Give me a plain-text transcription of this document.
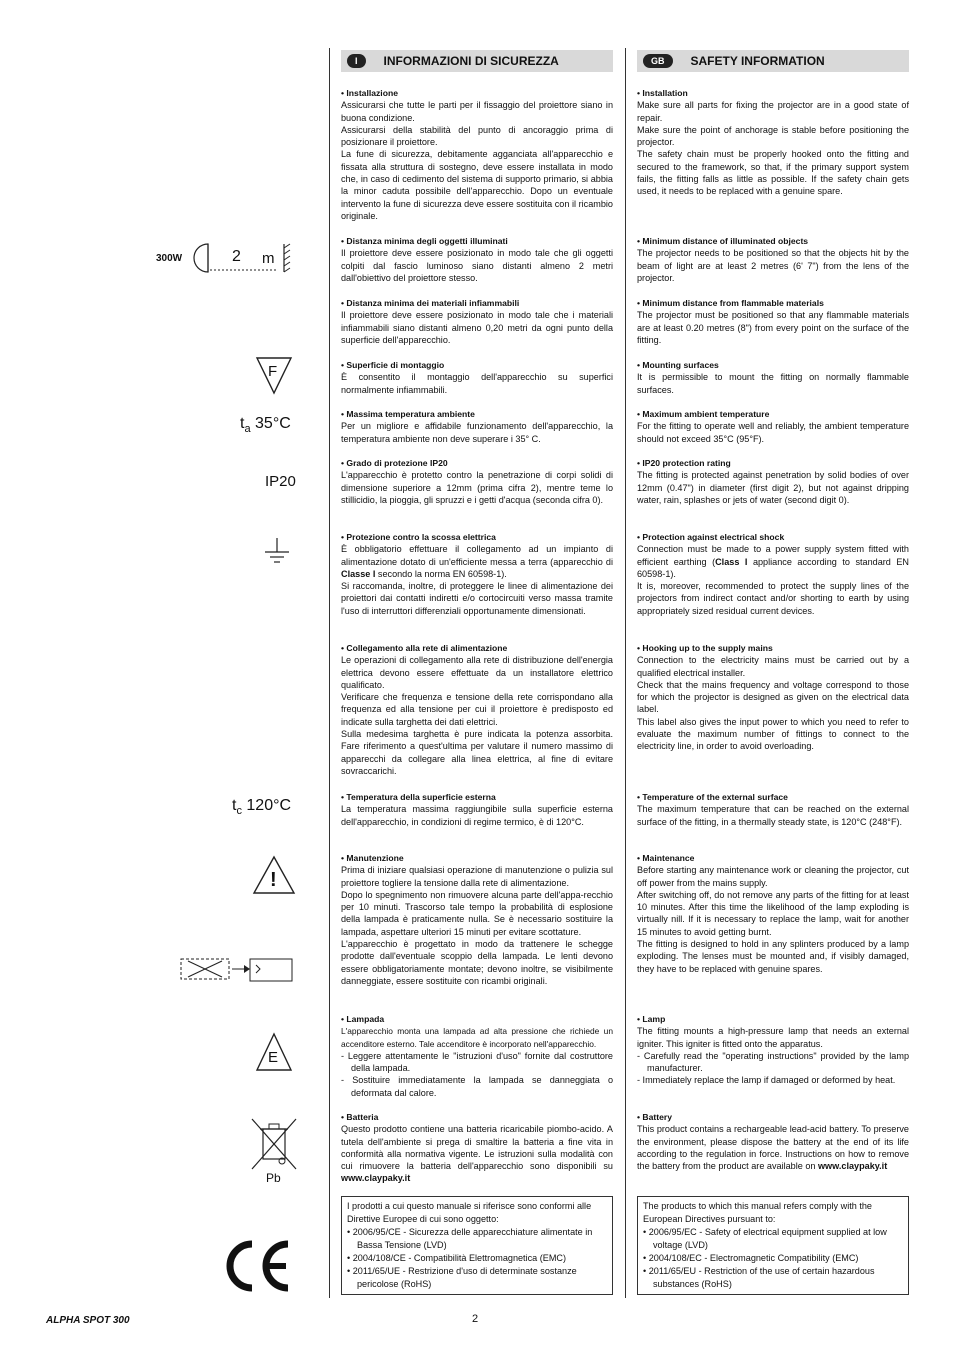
300W	2 m
F
$t_a$ 35°C
IP20
$t_c$ 120°C
!
E
Pb
I	INFORMAZIONI DI SICUREZZA
• Installazione

Assicurarsi che tutte le parti per il fissaggio del proiettore siano in buona condizione.

Assicurarsi della stabilità del punto di ancoraggio prima di posizionare il proiettore.

La fune di sicurezza, debitamente agganciata all'apparecchio e fissata alla struttura di sostegno, deve essere installata in modo che, in caso di cedimento del sistema di supporto primario, si abbia la minor caduta possibile dell'apparecchio. Dopo un eventuale intervento la fune di sicurezza deve essere sostituita con il ricambio originale.

• Distanza minima degli oggetti illuminati

Il proiettore deve essere posizionato in modo tale che gli oggetti colpiti dal fascio luminoso siano distanti almeno 2 metri dall'obiettivo del proiettore stesso.

• Distanza minima dei materiali infiammabili

Il proiettore deve essere posizionato in modo tale che i materiali infiammabili siano distanti almeno 0,20 metri da ogni punto della superficie dell'apparecchio.

• Superficie di montaggio

È consentito il montaggio dell'apparecchio su superfici normalmente infiammabili.

• Massima temperatura ambiente

Per un migliore e affidabile funzionamento dell'apparecchio, la temperatura ambiente non deve superare i 35° C.

• Grado di protezione IP20

L'apparecchio è protetto contro la penetrazione di corpi solidi di dimensione superiore a 12mm (prima cifra 2), mentre teme lo stillicidio, la pioggia, gli spruzzi e i getti d'acqua (seconda cifra 0).

• Protezione contro la scossa elettrica

È obbligatorio effettuare il collegamento ad un impianto di alimentazione dotato di un'efficiente messa a terra (apparecchio di Classe I secondo la norma EN 60598-1).

Si raccomanda, inoltre, di proteggere le linee di alimentazione dei proiettori dai contatti indiretti e/o cortocircuiti verso massa tramite l'uso di interruttori differenziali opportunamente dimensionati.

• Collegamento alla rete di alimentazione

Le operazioni di collegamento alla rete di distribuzione dell'energia elettrica devono essere effettuate da un installatore elettrico qualificato.

Verificare che frequenza e tensione della rete corrispondano alla frequenza ed alla tensione per cui il proiettore è predisposto ed indicate sulla targhetta dei dati elettrici.

Sulla medesima targhetta è pure indicata la potenza assorbita. Fare riferimento a quest'ultima per valutare il numero massimo di apparecchi da collegare alla linea elettrica, al fine di evitare sovraccarichi.

• Temperatura della superficie esterna

La temperatura massima raggiungibile sulla superficie esterna dell'apparecchio, in condizioni di regime termico, è di 120°C.

• Manutenzione

Prima di iniziare qualsiasi operazione di manutenzione o pulizia sul proiettore togliere la tensione dalla rete di alimentazione.

Dopo lo spegnimento non rimuovere alcuna parte dell'appa-recchio per 10 minuti. Trascorso tale tempo la probabilità di esplosione della lampada è praticamente nulla. Se è necessario sostituire la lampada, aspettare ulteriori 15 minuti per evitare scottature.

L'apparecchio è progettato in modo da trattenere le schegge prodotte dall'eventuale scoppio della lampada. Le lenti devono essere obbligatoriamente montate; devono inoltre, se visibilmente danneggiate, essere sostituite con ricambi originali.

• Lampada

L'apparecchio monta una lampada ad alta pressione che richiede un accenditore esterno. Tale accenditore è incorporato nell'apparecchio.

- Leggere attentamente le "istruzioni d'uso" fornite dal costruttore della lampada.
- Sostituire immediatamente la lampada se danneggiata o deformata dal calore.
• Batteria

Questo prodotto contiene una batteria ricaricabile piombo-acido. A tutela dell'ambiente si prega di smaltire la batteria a fine vita in conformità alla normativa vigente. Le istruzioni sulla modalità con cui rimuovere la batteria dell'apparecchio sono disponibili su www.claypaky.it

I prodotti a cui questo manuale si riferisce sono conformi alle Direttive Europee di cui sono oggetto:
• 2006/95/CE - Sicurezza delle apparecchiature alimentate in Bassa Tensione (LVD)
• 2004/108/CE - Compatibilità Elettromagnetica (EMC)
• 2011/65/UE - Restrizione d'uso di determinate sostanze pericolose (RoHS)
GB	SAFETY INFORMATION
• Installation

Make sure all parts for fixing the projector are in a good state of repair.

Make sure the point of anchorage is stable before positioning the projector.

The safety chain must be properly hooked onto the fitting and secured to the framework, so that, if the primary support system fails, the fitting falls as little as possible. If the safety chain gets used, it needs to be replaced with a genuine spare.

• Minimum distance of illuminated objects

The projector needs to be positioned so that the objects hit by the beam of light are at least 2 metres (6' 7") from the lens of the projector.

• Minimum distance from flammable materials

The projector must be positioned so that any flammable materials are at least 0.20 metres (8") from every point on the surface of the fitting.

• Mounting surfaces

It is permissible to mount the fitting on normally flammable surfaces.

• Maximum ambient temperature

For the fitting to operate well and reliably, the ambient temperature should not exceed 35°C (95°F).

• IP20 protection rating

The fitting is protected against penetration by solid bodies of over 12mm (0.47") in diameter (first digit 2), but not against dripping water, rain, splashes or jets of water (second digit 0).

• Protection against electrical shock

Connection must be made to a power supply system fitted with efficient earthing (Class I appliance according to standard EN 60598-1).

It is, moreover, recommended to protect the supply lines of the projectors from indirect contact and/or shorting to earth by using appropriately sized residual current devices.

• Hooking up to the supply mains

Connection to the electricity mains must be carried out by a qualified electrical installer.

Check that the mains frequency and voltage correspond to those for which the projector is designed as given on the electrical data label.

This label also gives the input power to which you need to refer to evaluate the maximum number of fittings to connect to the electricity line, in order to avoid overloading.

• Temperature of the external surface

The maximum temperature that can be reached on the external surface of the fitting, in a thermally steady state, is 120°C (248°F).

• Maintenance

Before starting any maintenance work or cleaning the projector, cut off power from the mains supply.

After switching off, do not remove any parts of the fitting for at least 10 minutes. After this time the likelihood of the lamp exploding is virtually nill. If it is necessary to replace the lamp, wait for another 15 minutes to avoid getting burnt.

The fitting is designed to hold in any splinters produced by a lamp exploding. The lenses must be mounted and, if visibly damaged, they have to be replaced with genuine spares.

• Lamp

The fitting mounts a high-pressure lamp that needs an external igniter. This igniter is fitted onto the apparatus.

- Carefully read the "operating instructions" provided by the lamp manufacturer.
- Immediately replace the lamp if damaged or deformed by heat.
• Battery

This product contains a rechargeable lead-acid battery. To preserve the environment, please dispose the battery at the end of its life according to the regulation in force. Instructions on how to remove the battery from the product are available on www.claypaky.it

The products to which this manual refers comply with the European Directives pursuant to:
• 2006/95/EC - Safety of electrical equipment supplied at low voltage (LVD)
• 2004/108/EC - Electromagnetic Compatibility (EMC)
• 2011/65/EU - Restriction of the use of certain hazardous substances (RoHS)
ALPHA SPOT 300	2
